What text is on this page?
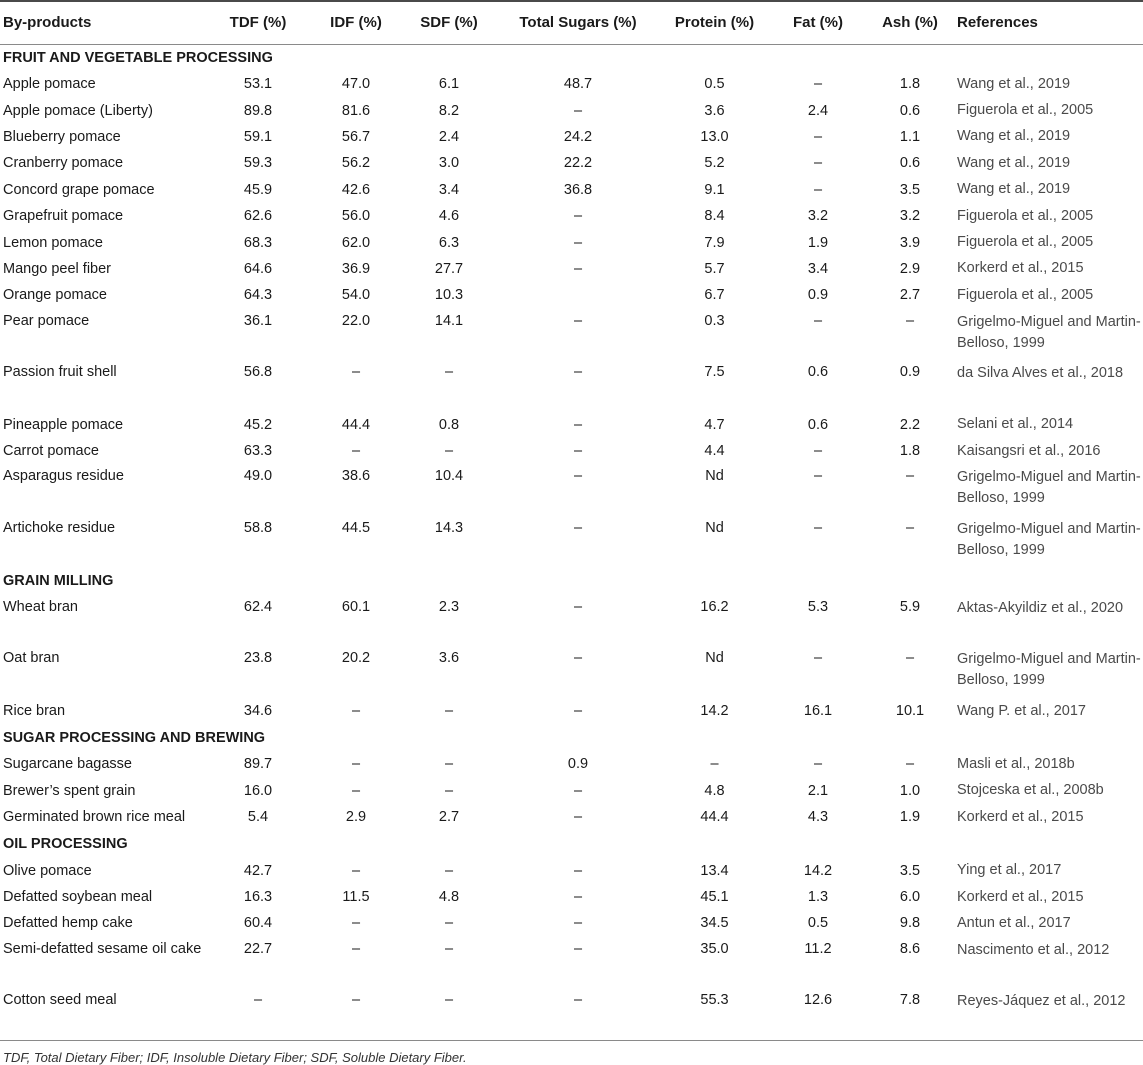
By-products	TDF (%)	IDF (%)	SDF (%)	Total Sugars (%)	Protein (%)	Fat (%)	Ash (%)	References
FRUIT AND VEGETABLE PROCESSING								
Apple pomace	53.1	47.0	6.1	48.7	0.5	–	1.8	Wang et al., 2019
Apple pomace (Liberty)	89.8	81.6	8.2	–	3.6	2.4	0.6	Figuerola et al., 2005
Blueberry pomace	59.1	56.7	2.4	24.2	13.0	–	1.1	Wang et al., 2019
Cranberry pomace	59.3	56.2	3.0	22.2	5.2	–	0.6	Wang et al., 2019
Concord grape pomace	45.9	42.6	3.4	36.8	9.1	–	3.5	Wang et al., 2019
Grapefruit pomace	62.6	56.0	4.6	–	8.4	3.2	3.2	Figuerola et al., 2005
Lemon pomace	68.3	62.0	6.3	–	7.9	1.9	3.9	Figuerola et al., 2005
Mango peel fiber	64.6	36.9	27.7	–	5.7	3.4	2.9	Korkerd et al., 2015
Orange pomace	64.3	54.0	10.3		6.7	0.9	2.7	Figuerola et al., 2005
Pear pomace	36.1	22.0	14.1	–	0.3	–	–	Grigelmo-Miguel and Martin-Belloso, 1999
Passion fruit shell	56.8	–	–	–	7.5	0.6	0.9	da Silva Alves et al., 2018
Pineapple pomace	45.2	44.4	0.8	–	4.7	0.6	2.2	Selani et al., 2014
Carrot pomace	63.3	–	–	–	4.4	–	1.8	Kaisangsri et al., 2016
Asparagus residue	49.0	38.6	10.4	–	Nd	–	–	Grigelmo-Miguel and Martin-Belloso, 1999
Artichoke residue	58.8	44.5	14.3	–	Nd	–	–	Grigelmo-Miguel and Martin-Belloso, 1999
GRAIN MILLING								
Wheat bran	62.4	60.1	2.3	–	16.2	5.3	5.9	Aktas-Akyildiz et al., 2020
Oat bran	23.8	20.2	3.6	–	Nd	–	–	Grigelmo-Miguel and Martin-Belloso, 1999
Rice bran	34.6	–	–	–	14.2	16.1	10.1	Wang P. et al., 2017
SUGAR PROCESSING AND BREWING								
Sugarcane bagasse	89.7	–	–	0.9	–	–	–	Masli et al., 2018b
Brewer’s spent grain	16.0	–	–	–	4.8	2.1	1.0	Stojceska et al., 2008b
Germinated brown rice meal	5.4	2.9	2.7	–	44.4	4.3	1.9	Korkerd et al., 2015
OIL PROCESSING								
Olive pomace	42.7	–	–	–	13.4	14.2	3.5	Ying et al., 2017
Defatted soybean meal	16.3	11.5	4.8	–	45.1	1.3	6.0	Korkerd et al., 2015
Defatted hemp cake	60.4	–	–	–	34.5	0.5	9.8	Antun et al., 2017
Semi-defatted sesame oil cake	22.7	–	–	–	35.0	11.2	8.6	Nascimento et al., 2012
Cotton seed meal	–	–	–	–	55.3	12.6	7.8	Reyes-Jáquez et al., 2012
TDF, Total Dietary Fiber; IDF, Insoluble Dietary Fiber; SDF, Soluble Dietary Fiber.								
